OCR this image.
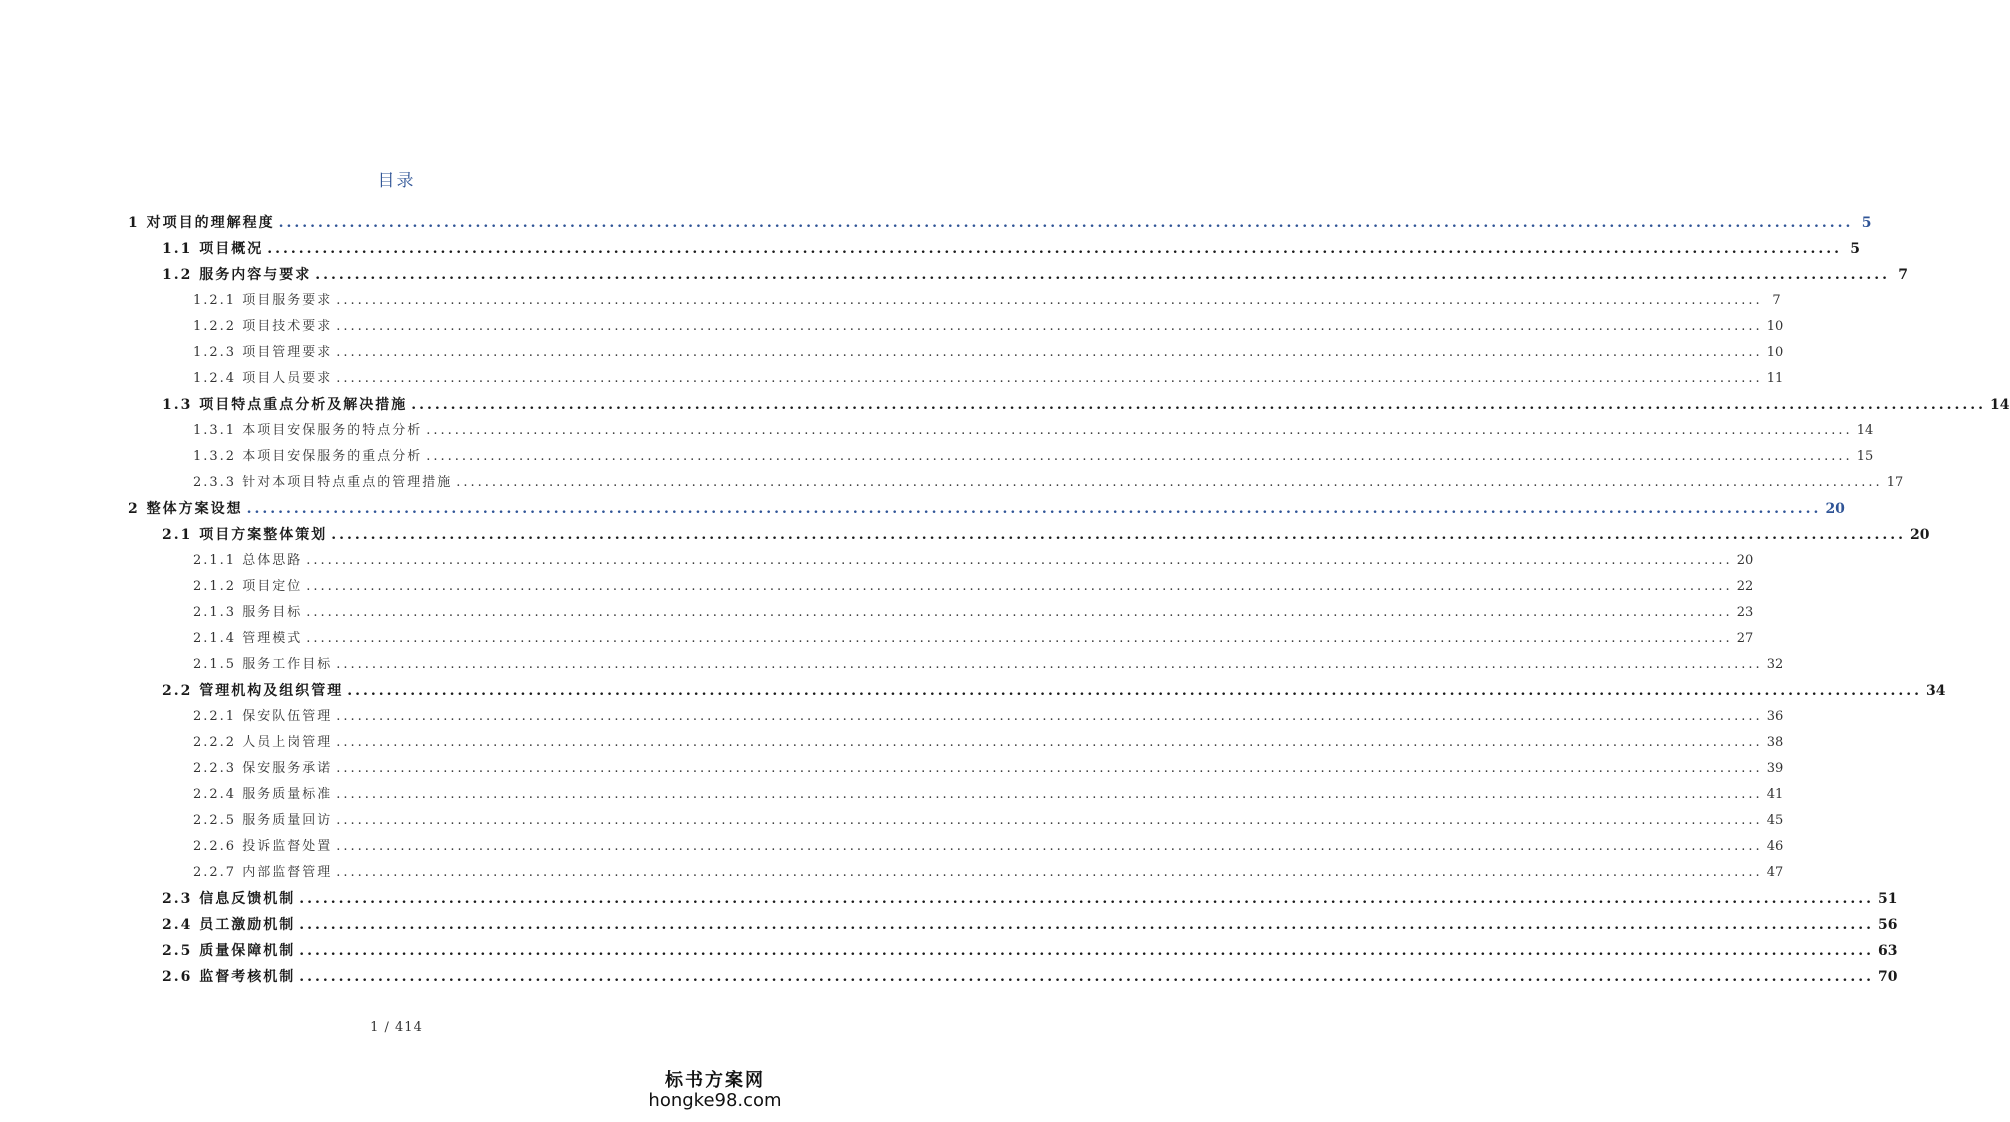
目录
1 对项目的理解程度 ........................................................................................................................................................................................................ 5
1.1 项目概况 ........................................................................................................................................................................................................ 5
1.2 服务内容与要求 ........................................................................................................................................................................................................ 7
1.2.1 项目服务要求 ........................................................................................................................................................................................................ 7
1.2.2 项目技术要求 ........................................................................................................................................................................................................ 10
1.2.3 项目管理要求 ........................................................................................................................................................................................................ 10
1.2.4 项目人员要求 ........................................................................................................................................................................................................ 11
1.3 项目特点重点分析及解决措施 ........................................................................................................................................................................................................ 14
1.3.1 本项目安保服务的特点分析 ........................................................................................................................................................................................................ 14
1.3.2 本项目安保服务的重点分析 ........................................................................................................................................................................................................ 15
2.3.3 针对本项目特点重点的管理措施 ........................................................................................................................................................................................................ 17
2 整体方案设想 ........................................................................................................................................................................................................ 20
2.1 项目方案整体策划 ........................................................................................................................................................................................................ 20
2.1.1 总体思路 ........................................................................................................................................................................................................ 20
2.1.2 项目定位 ........................................................................................................................................................................................................ 22
2.1.3 服务目标 ........................................................................................................................................................................................................ 23
2.1.4 管理模式 ........................................................................................................................................................................................................ 27
2.1.5 服务工作目标 ........................................................................................................................................................................................................ 32
2.2 管理机构及组织管理 ........................................................................................................................................................................................................ 34
2.2.1 保安队伍管理 ........................................................................................................................................................................................................ 36
2.2.2 人员上岗管理 ........................................................................................................................................................................................................ 38
2.2.3 保安服务承诺 ........................................................................................................................................................................................................ 39
2.2.4 服务质量标准 ........................................................................................................................................................................................................ 41
2.2.5 服务质量回访 ........................................................................................................................................................................................................ 45
2.2.6 投诉监督处置 ........................................................................................................................................................................................................ 46
2.2.7 内部监督管理 ........................................................................................................................................................................................................ 47
2.3 信息反馈机制 ........................................................................................................................................................................................................ 51
2.4 员工激励机制 ........................................................................................................................................................................................................ 56
2.5 质量保障机制 ........................................................................................................................................................................................................ 63
2.6 监督考核机制 ........................................................................................................................................................................................................ 70
1 / 414
标书方案网
hongke98.com
